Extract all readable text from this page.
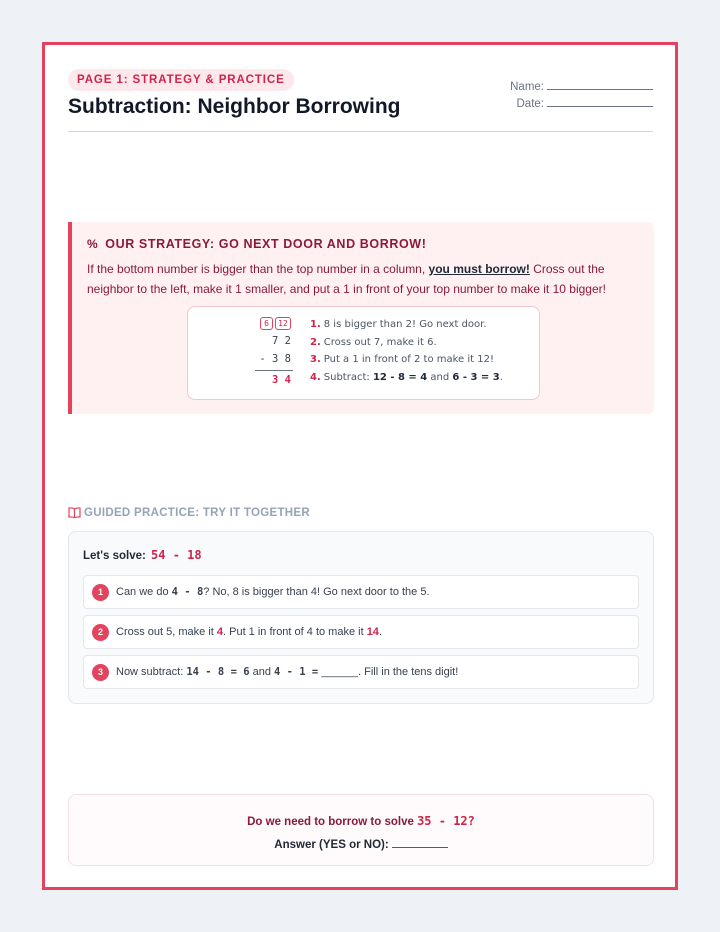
PAGE 1: STRATEGY & PRACTICE
Subtraction: Neighbor Borrowing
Name:
Date:
% OUR STRATEGY: GO NEXT DOOR AND BORROW!
If the bottom number is bigger than the top number in a column, you must borrow! Cross out the neighbor to the left, make it 1 smaller, and put a 1 in front of your top number to make it 10 bigger!
6 12
7 2
- 3 8
3 4
1. 8 is bigger than 2! Go next door.
2. Cross out 7, make it 6.
3. Put a 1 in front of 2 to make it 12!
4. Subtract: 12 - 8 = 4 and 6 - 3 = 3.
GUIDED PRACTICE: TRY IT TOGETHER
Let's solve: 54 - 18
1	Can we do 4 - 8? No, 8 is bigger than 4! Go next door to the 5.
2	Cross out 5, make it 4. Put 1 in front of 4 to make it 14.
3	Now subtract: 14 - 8 = 6 and 4 - 1 = ______. Fill in the tens digit!
Do we need to borrow to solve 35 - 12?
Answer (YES or NO):
